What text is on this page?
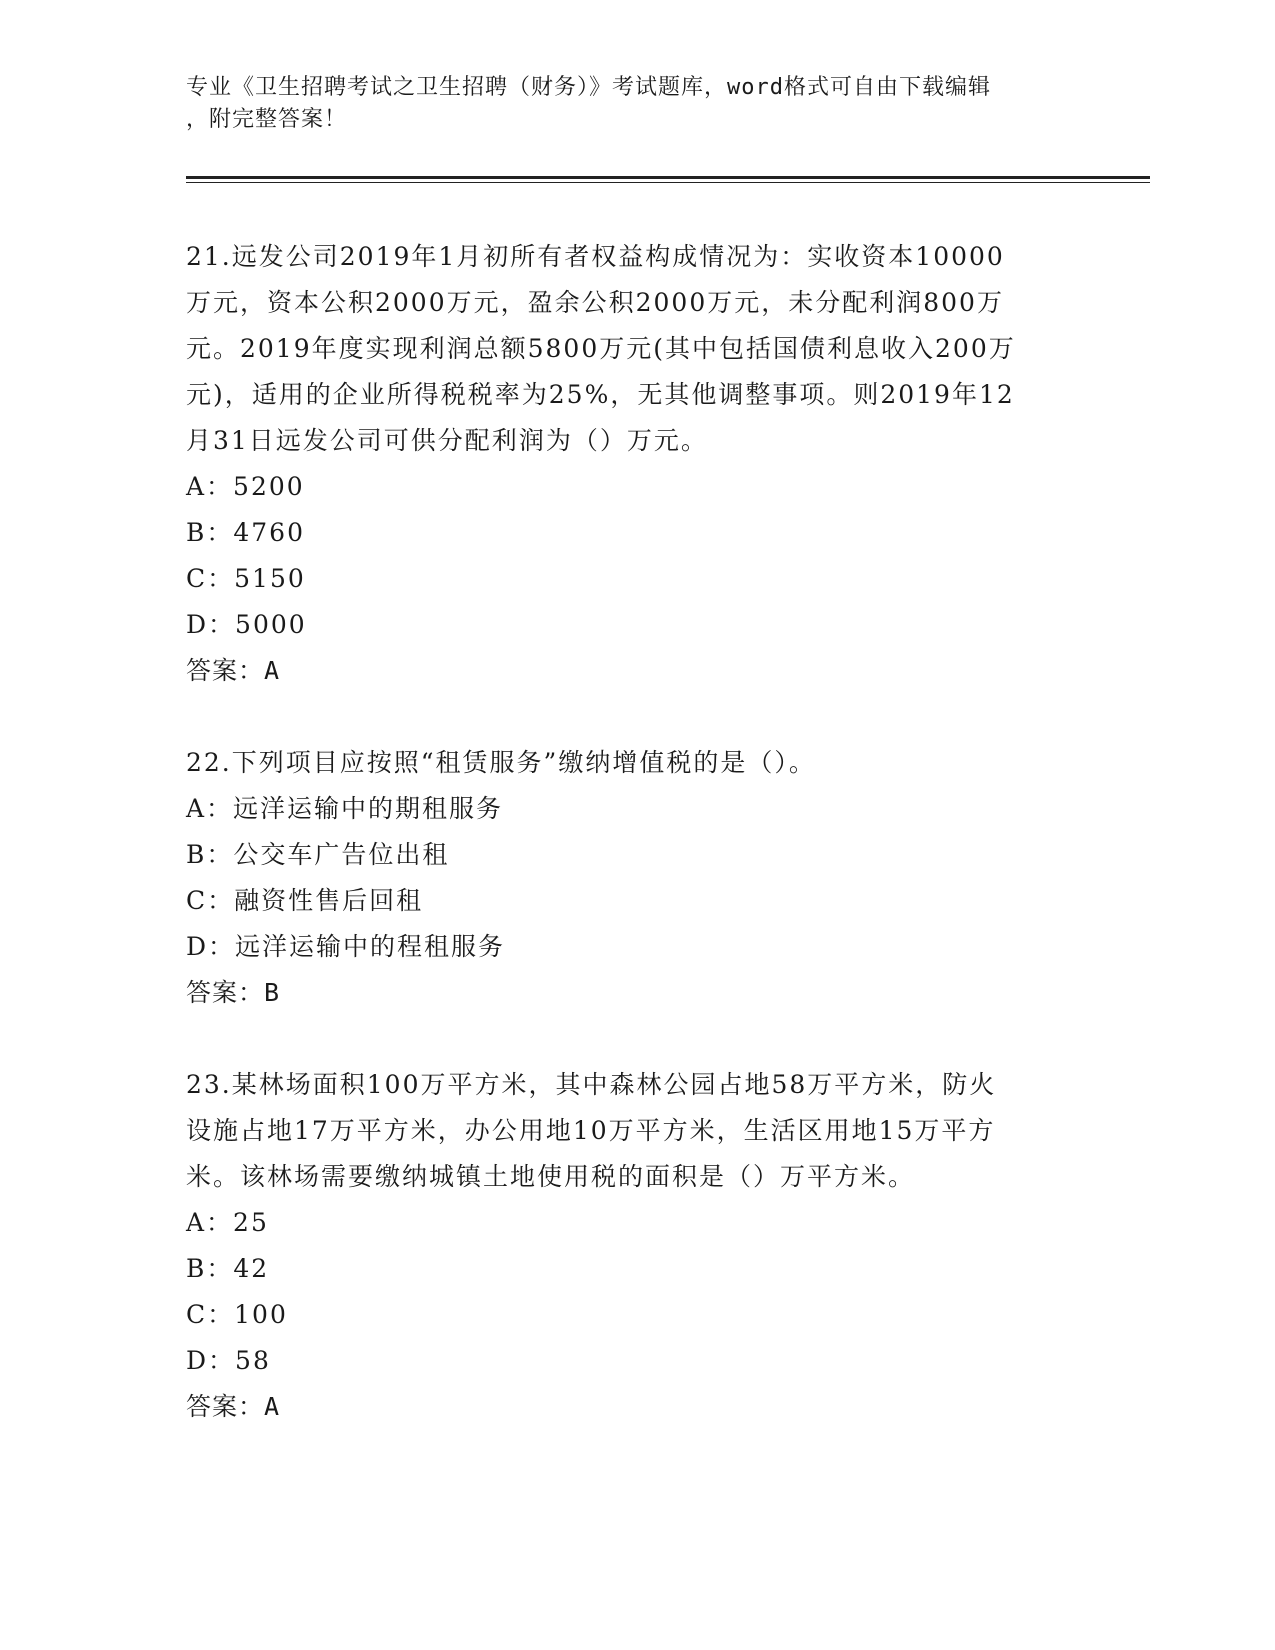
专业《卫生招聘考试之卫生招聘（财务）》考试题库，word格式可自由下载编辑
，附完整答案！
21.远发公司2019年1月初所有者权益构成情况为：实收资本10000
万元，资本公积2000万元，盈余公积2000万元，未分配利润800万
元。2019年度实现利润总额5800万元(其中包括国债利息收入200万
元)，适用的企业所得税税率为25%，无其他调整事项。则2019年12
月31日远发公司可供分配利润为（）万元。

A：5200

B：4760

C：5150

D：5000

答案：A

22.下列项目应按照“租赁服务”缴纳增值税的是（）。

A：远洋运输中的期租服务

B：公交车广告位出租

C：融资性售后回租

D：远洋运输中的程租服务

答案：B

23.某林场面积100万平方米，其中森林公园占地58万平方米，防火
设施占地17万平方米，办公用地10万平方米，生活区用地15万平方
米。该林场需要缴纳城镇土地使用税的面积是（）万平方米。

A：25

B：42

C：100

D：58

答案：A
